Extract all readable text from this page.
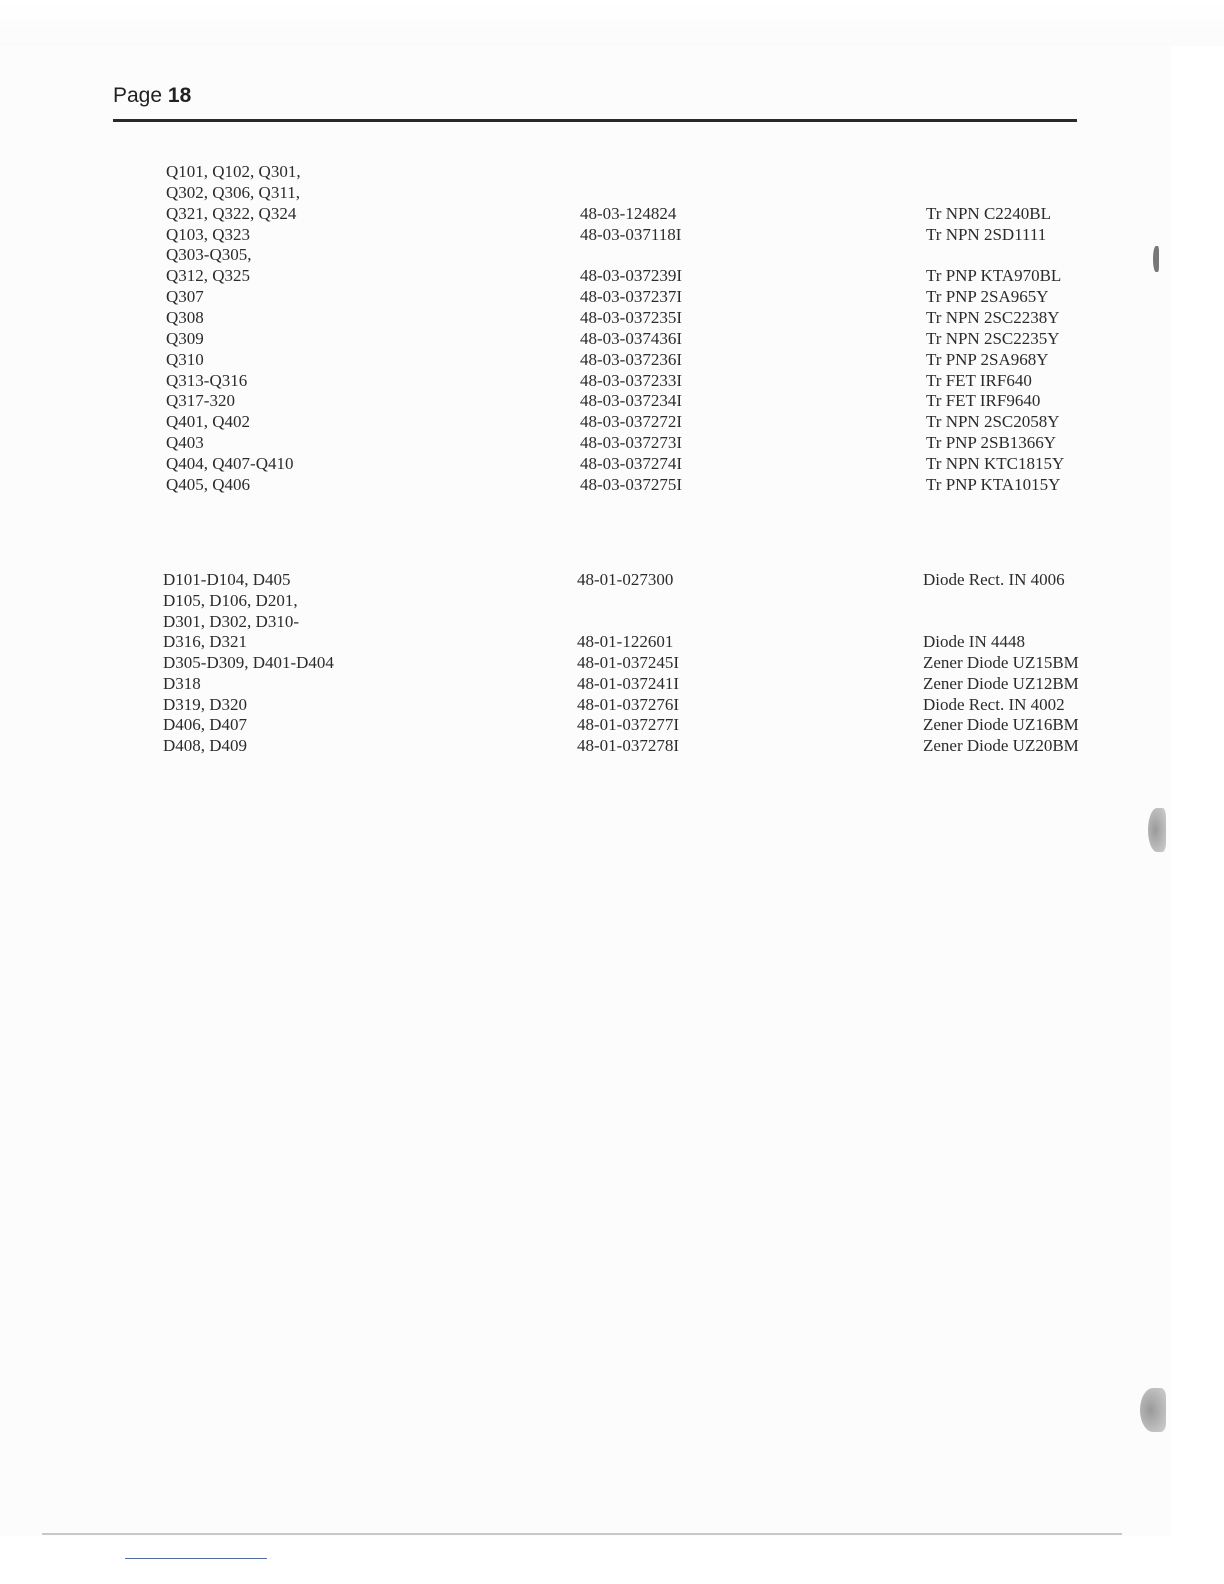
Page 18
Q101, Q102, Q301,
Q302, Q306, Q311,
Q321, Q322, Q324	48-03-124824	Tr NPN C2240BL
Q103, Q323	48-03-037118I	Tr NPN 2SD1111
Q303-Q305,
Q312, Q325	48-03-037239I	Tr PNP KTA970BL
Q307	48-03-037237I	Tr PNP 2SA965Y
Q308	48-03-037235I	Tr NPN 2SC2238Y
Q309	48-03-037436I	Tr NPN 2SC2235Y
Q310	48-03-037236I	Tr PNP 2SA968Y
Q313-Q316	48-03-037233I	Tr FET IRF640
Q317-320	48-03-037234I	Tr FET IRF9640
Q401, Q402	48-03-037272I	Tr NPN 2SC2058Y
Q403	48-03-037273I	Tr PNP 2SB1366Y
Q404, Q407-Q410	48-03-037274I	Tr NPN KTC1815Y
Q405, Q406	48-03-037275I	Tr PNP KTA1015Y
D101-D104, D405	48-01-027300	Diode Rect. IN 4006
D105, D106, D201,
D301, D302, D310-
D316, D321	48-01-122601	Diode IN 4448
D305-D309, D401-D404	48-01-037245I	Zener Diode UZ15BM
D318	48-01-037241I	Zener Diode UZ12BM
D319, D320	48-01-037276I	Diode Rect. IN 4002
D406, D407	48-01-037277I	Zener Diode UZ16BM
D408, D409	48-01-037278I	Zener Diode UZ20BM
